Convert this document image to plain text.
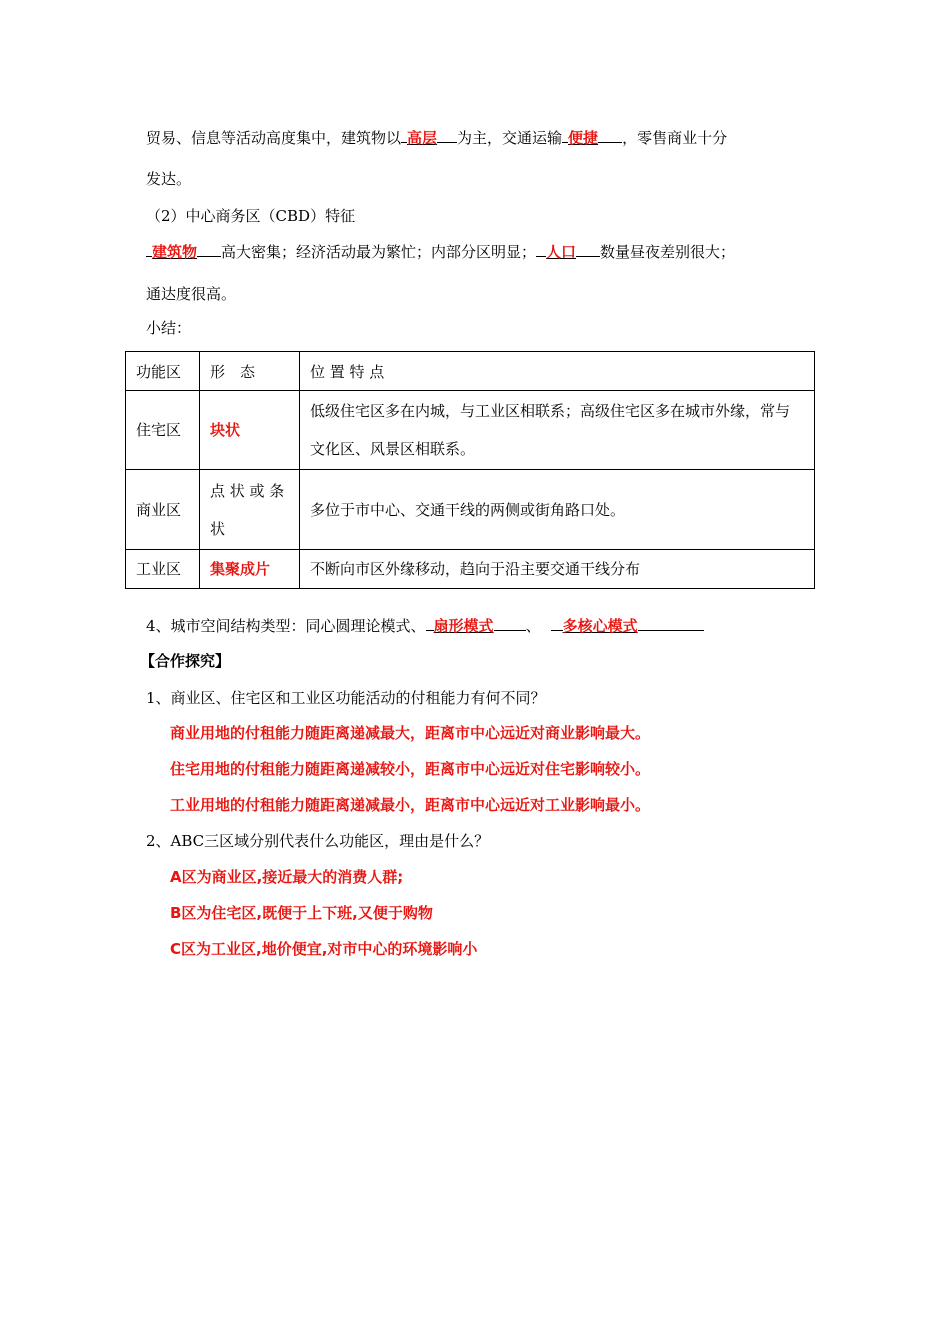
贸易、信息等活动高度集中，建筑物以 高层 为主，交通运输 便捷 ，零售商业十分
发达。
（2）中心商务区（CBD）特征
建筑物 高大密集；经济活动最为繁忙；内部分区明显； 人口 数量昼夜差别很大；
通达度很高。
小结：
功能区	形　态	位 置 特 点
住宅区	块状	低级住宅区多在内城，与工业区相联系；高级住宅区多在城市外缘，常与文化区、风景区相联系。
商业区	点 状 或 条 状	多位于市中心、交通干线的两侧或街角路口处。
工业区	集聚成片	不断向市区外缘移动，趋向于沿主要交通干线分布
4、城市空间结构类型：同心圆理论模式、 扇形模式 、 多核心模式
【合作探究】
1、商业区、住宅区和工业区功能活动的付租能力有何不同？
商业用地的付租能力随距离递减最大，距离市中心远近对商业影响最大。
住宅用地的付租能力随距离递减较小，距离市中心远近对住宅影响较小。
工业用地的付租能力随距离递减最小，距离市中心远近对工业影响最小。
2、ABC三区域分别代表什么功能区，理由是什么？
A区为商业区,接近最大的消费人群;
B区为住宅区,既便于上下班,又便于购物
C区为工业区,地价便宜,对市中心的环境影响小
